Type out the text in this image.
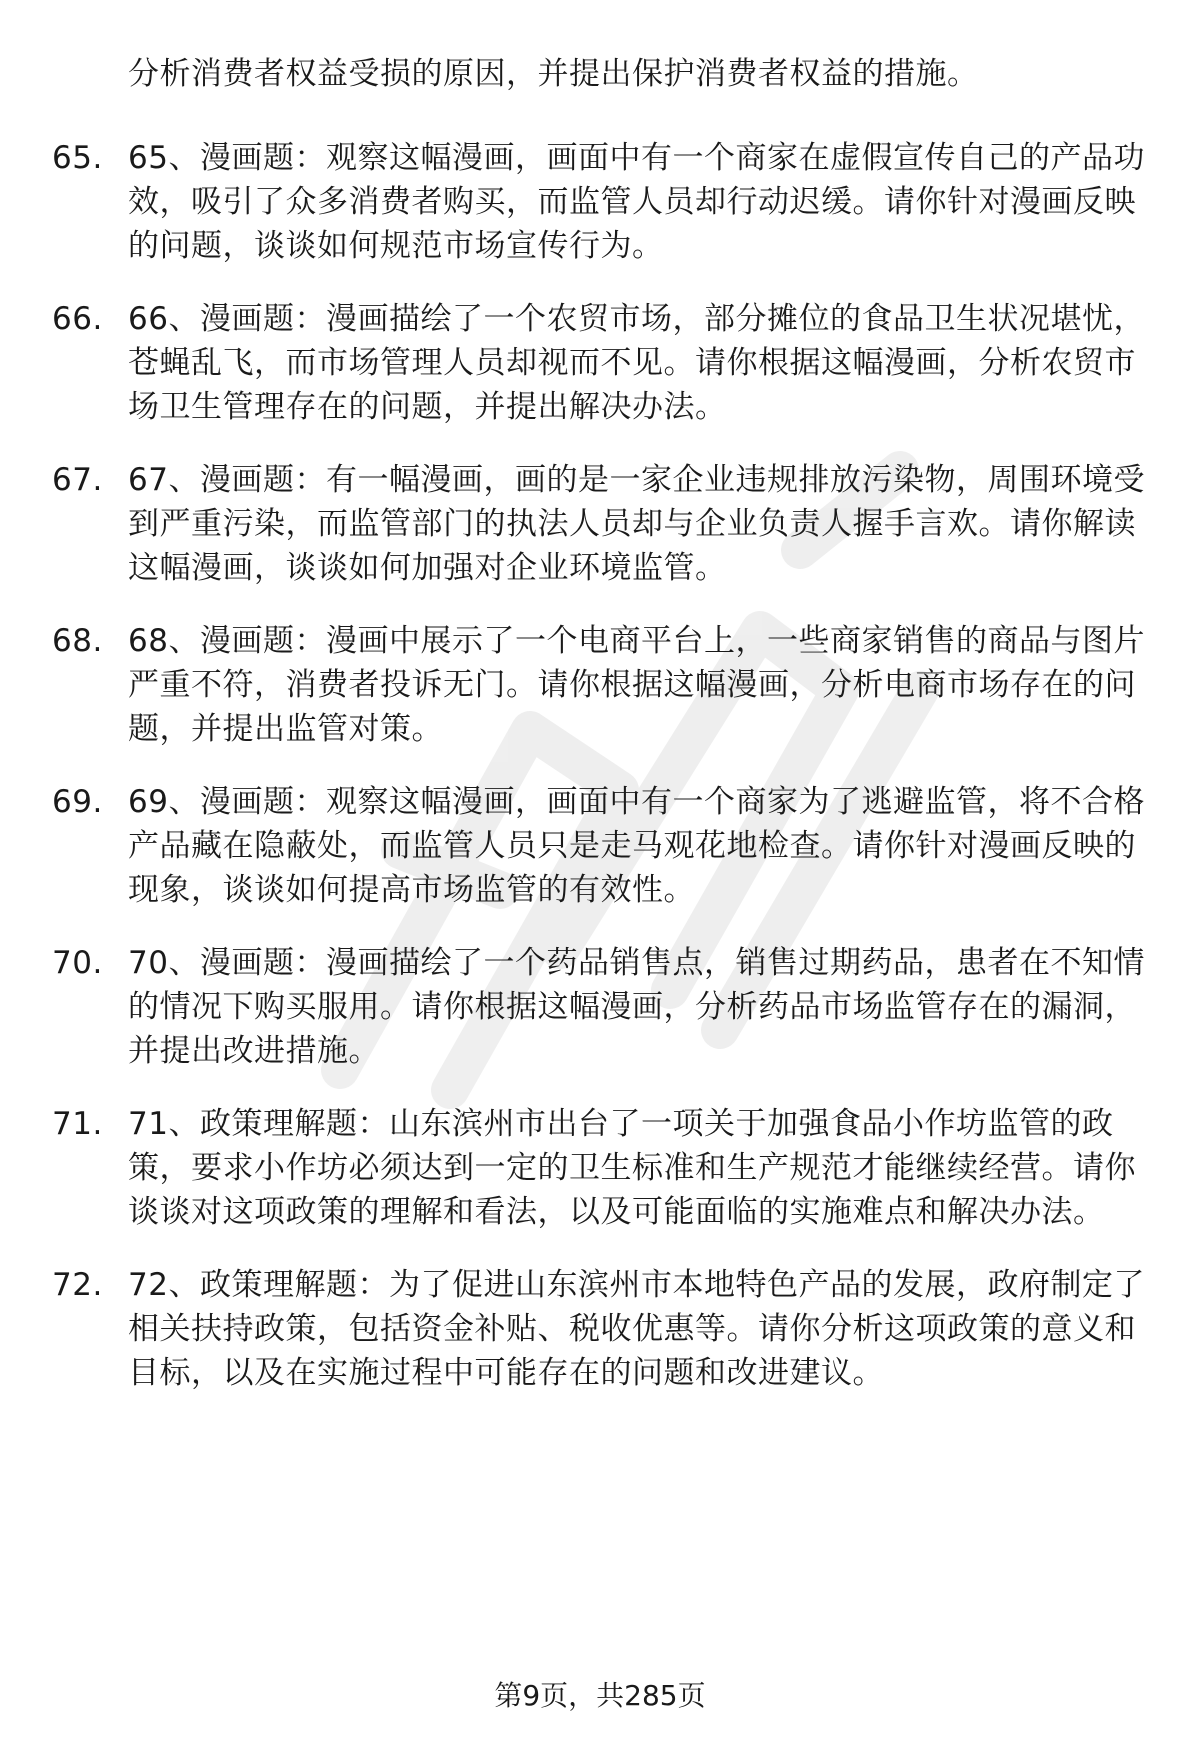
分析消费者权益受损的原因，并提出保护消费者权益的措施。
65. 65、漫画题：观察这幅漫画，画面中有一个商家在虚假宣传自己的产品功效，吸引了众多消费者购买，而监管人员却行动迟缓。请你针对漫画反映的问题，谈谈如何规范市场宣传行为。
66. 66、漫画题：漫画描绘了一个农贸市场，部分摊位的食品卫生状况堪忧，苍蝇乱飞，而市场管理人员却视而不见。请你根据这幅漫画，分析农贸市场卫生管理存在的问题，并提出解决办法。
67. 67、漫画题：有一幅漫画，画的是一家企业违规排放污染物，周围环境受到严重污染，而监管部门的执法人员却与企业负责人握手言欢。请你解读这幅漫画，谈谈如何加强对企业环境监管。
68. 68、漫画题：漫画中展示了一个电商平台上，一些商家销售的商品与图片严重不符，消费者投诉无门。请你根据这幅漫画，分析电商市场存在的问题，并提出监管对策。
69. 69、漫画题：观察这幅漫画，画面中有一个商家为了逃避监管，将不合格产品藏在隐蔽处，而监管人员只是走马观花地检查。请你针对漫画反映的现象，谈谈如何提高市场监管的有效性。
70. 70、漫画题：漫画描绘了一个药品销售点，销售过期药品，患者在不知情的情况下购买服用。请你根据这幅漫画，分析药品市场监管存在的漏洞，并提出改进措施。
71. 71、政策理解题：山东滨州市出台了一项关于加强食品小作坊监管的政策，要求小作坊必须达到一定的卫生标准和生产规范才能继续经营。请你谈谈对这项政策的理解和看法，以及可能面临的实施难点和解决办法。
72. 72、政策理解题：为了促进山东滨州市本地特色产品的发展，政府制定了相关扶持政策，包括资金补贴、税收优惠等。请你分析这项政策的意义和目标，以及在实施过程中可能存在的问题和改进建议。
第9页，共285页
